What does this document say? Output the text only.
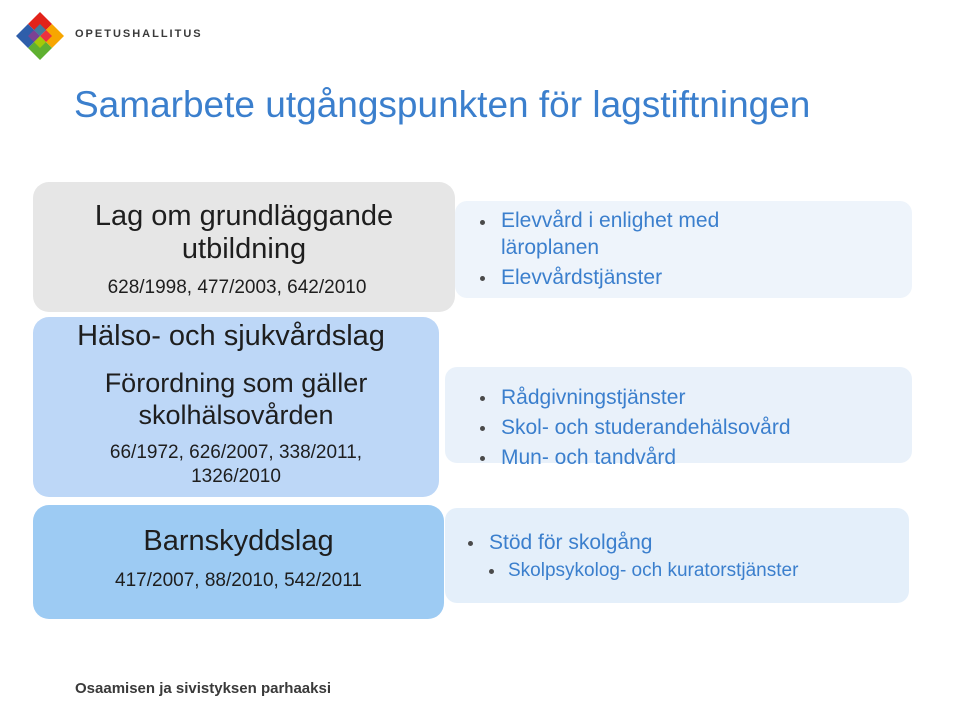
OPETUSHALLITUS
Samarbete utgångspunkten för lagstiftningen
Lag om grundläggande
utbildning
628/1998, 477/2003, 642/2010
Hälso- och sjukvårdslag
Förordning som gäller
skolhälsovården
66/1972, 626/2007, 338/2011,
1326/2010
Barnskyddslag
417/2007, 88/2010, 542/2011
Elevvård i enlighet med läroplanen
Elevvårdstjänster
Rådgivningstjänster
Skol- och studerandehälsovård
Mun- och tandvård
Stöd för skolgång
Skolpsykolog- och kuratorstjänster
Osaamisen ja sivistyksen parhaaksi
